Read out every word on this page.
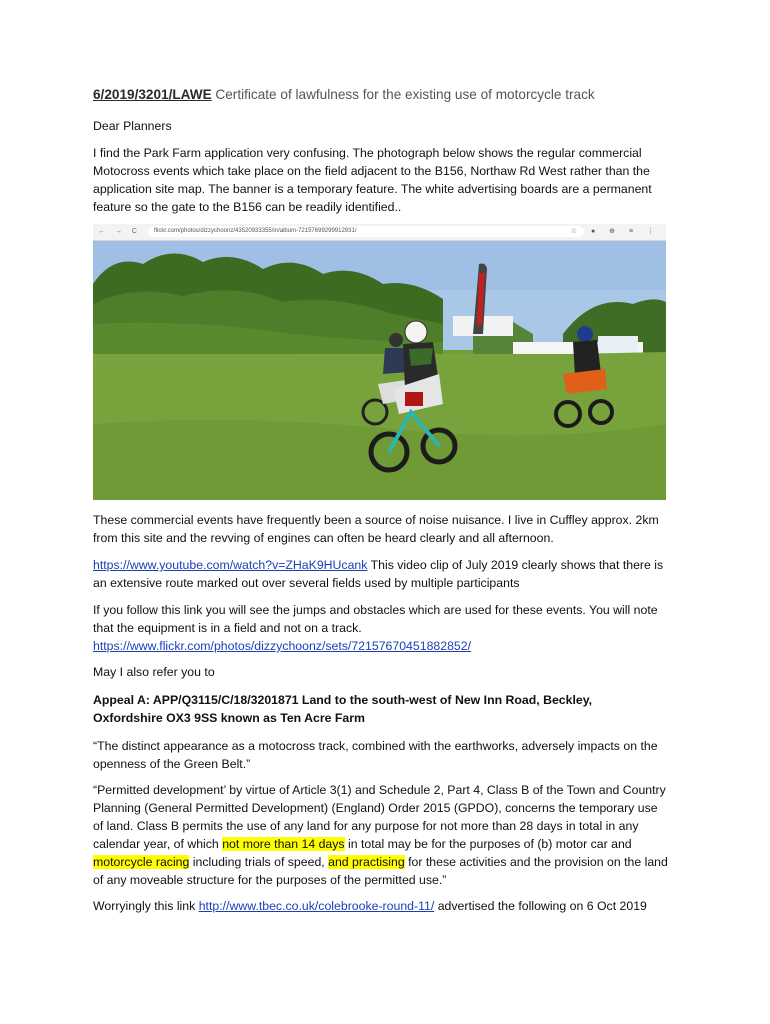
6/2019/3201/LAWE Certificate of lawfulness for the existing use of motorcycle track

Dear Planners

I find the Park Farm application very confusing. The photograph below shows the regular commercial Motocross events which take place on the field adjacent to the B156, Northaw Rd West rather than the application site map. The banner is a temporary feature. The white advertising boards are a permanent feature so the gate to the B156 can be readily identified..

← → C	flickr.com/photos/dizzychoonz/43520933355/in/album-72157699299912931/	☆ ● ⊕ ≡ ⋮

These commercial events have frequently been a source of noise nuisance. I live in Cuffley approx. 2km from this site and the revving of engines can often be heard clearly and all afternoon.

https://www.youtube.com/watch?v=ZHaK9HUcank This video clip of July 2019 clearly shows that there is an extensive route marked out over several fields used by multiple participants

If you follow this link you will see the jumps and obstacles which are used for these events. You will note that the equipment is in a field and not on a track.
https://www.flickr.com/photos/dizzychoonz/sets/72157670451882852/

May I also refer you to

Appeal A: APP/Q3115/C/18/3201871 Land to the south-west of New Inn Road, Beckley, Oxfordshire OX3 9SS known as Ten Acre Farm

“The distinct appearance as a motocross track, combined with the earthworks, adversely impacts on the openness of the Green Belt.”

“Permitted development’ by virtue of Article 3(1) and Schedule 2, Part 4, Class B of the Town and Country Planning (General Permitted Development) (England) Order 2015 (GPDO), concerns the temporary use of land. Class B permits the use of any land for any purpose for not more than 28 days in total in any calendar year, of which not more than 14 days in total may be for the purposes of (b) motor car and motorcycle racing including trials of speed, and practising for these activities and the provision on the land of any moveable structure for the purposes of the permitted use.”

Worryingly this link http://www.tbec.co.uk/colebrooke-round-11/ advertised the following on 6 Oct 2019
